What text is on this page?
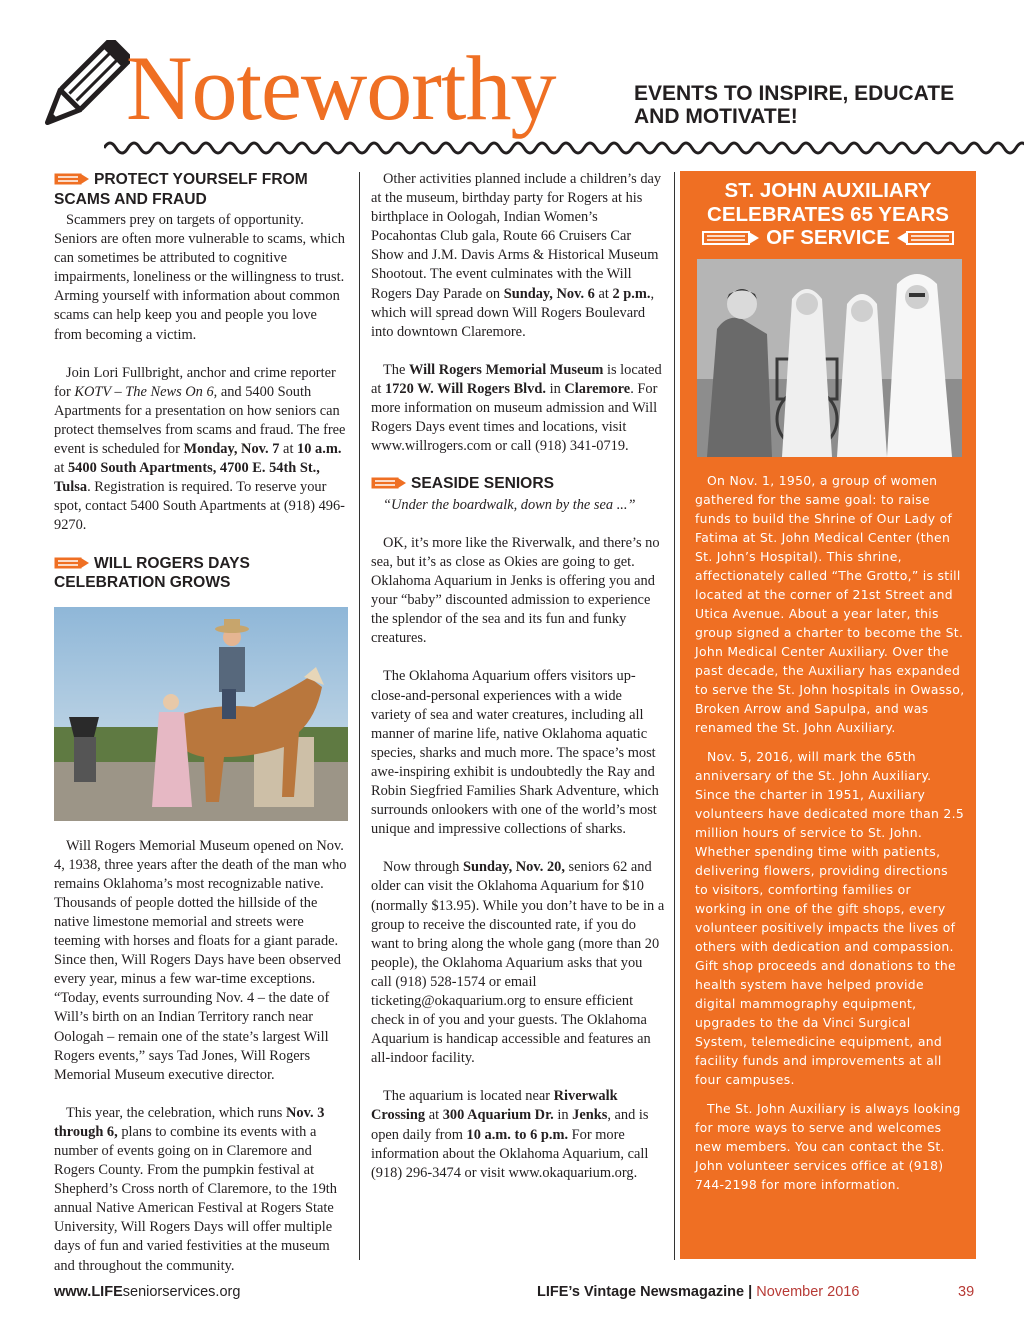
Noteworthy	EVENTS TO INSPIRE, EDUCATE
AND MOTIVATE!
PROTECT YOURSELF FROM
SCAMS AND FRAUD

Scammers prey on targets of opportunity. Seniors are often more vulnerable to scams, which can sometimes be attributed to cognitive impairments, loneliness or the willingness to trust. Arming yourself with information about common scams can help keep you and people you love from becoming a victim.

Join Lori Fullbright, anchor and crime reporter for KOTV – The News On 6, and 5400 South Apartments for a presentation on how seniors can protect themselves from scams and fraud. The free event is scheduled for Monday, Nov. 7 at 10 a.m. at 5400 South Apartments, 4700 E. 54th St., Tulsa. Registration is required. To reserve your spot, contact 5400 South Apartments at (918) 496-9270.

WILL ROGERS DAYS
CELEBRATION GROWS

Will Rogers Memorial Museum opened on Nov. 4, 1938, three years after the death of the man who remains Oklahoma’s most recognizable native. Thousands of people dotted the hillside of the native limestone memorial and streets were teeming with horses and floats for a giant parade. Since then, Will Rogers Days have been observed every year, minus a few war-time exceptions. “Today, events surrounding Nov. 4 – the date of Will’s birth on an Indian Territory ranch near Oologah – remain one of the state’s largest Will Rogers events,” says Tad Jones, Will Rogers Memorial Museum executive director.

This year, the celebration, which runs Nov. 3 through 6, plans to combine its events with a number of events going on in Claremore and Rogers County. From the pumpkin festival at Shepherd’s Cross north of Claremore, to the 19th annual Native American Festival at Rogers State University, Will Rogers Days will offer multiple days of fun and varied festivities at the museum and throughout the community.

Other activities planned include a children’s day at the museum, birthday party for Rogers at his birthplace in Oologah, Indian Women’s Pocahontas Club gala, Route 66 Cruisers Car Show and J.M. Davis Arms & Historical Museum Shootout. The event culminates with the Will Rogers Day Parade on Sunday, Nov. 6 at 2 p.m., which will spread down Will Rogers Boulevard into downtown Claremore.

The Will Rogers Memorial Museum is located at 1720 W. Will Rogers Blvd. in Claremore. For more information on museum admission and Will Rogers Days event times and locations, visit www.willrogers.com or call (918) 341-0719.

SEASIDE SENIORS
“Under the boardwalk, down by the sea ...”

OK, it’s more like the Riverwalk, and there’s no sea, but it’s as close as Okies are going to get. Oklahoma Aquarium in Jenks is offering you and your “baby” discounted admission to experience the splendor of the sea and its fun and funky creatures.

The Oklahoma Aquarium offers visitors up-close-and-personal experiences with a wide variety of sea and water creatures, including all manner of marine life, native Oklahoma aquatic species, sharks and much more. The space’s most awe-inspiring exhibit is undoubtedly the Ray and Robin Siegfried Families Shark Adventure, which surrounds onlookers with one of the world’s most unique and impressive collections of sharks.

Now through Sunday, Nov. 20, seniors 62 and older can visit the Oklahoma Aquarium for $10 (normally $13.95). While you don’t have to be in a group to receive the discounted rate, if you do want to bring along the whole gang (more than 20 people), the Oklahoma Aquarium asks that you call (918) 528-1574 or email ticketing@okaquarium.org to ensure efficient check in of you and your guests. The Oklahoma Aquarium is handicap accessible and features an all-indoor facility.

The aquarium is located near Riverwalk Crossing at 300 Aquarium Dr. in Jenks, and is open daily from 10 a.m. to 6 p.m. For more information about the Oklahoma Aquarium, call (918) 296-3474 or visit www.okaquarium.org.

ST. JOHN AUXILIARY
CELEBRATES 65 YEARS
OF SERVICE

On Nov. 1, 1950, a group of women gathered for the same goal: to raise funds to build the Shrine of Our Lady of Fatima at St. John Medical Center (then St. John’s Hospital). This shrine, affectionately called “The Grotto,” is still located at the corner of 21st Street and Utica Avenue. About a year later, this group signed a charter to become the St. John Medical Center Auxiliary. Over the past decade, the Auxiliary has expanded to serve the St. John hospitals in Owasso, Broken Arrow and Sapulpa, and was renamed the St. John Auxiliary.

Nov. 5, 2016, will mark the 65th anniversary of the St. John Auxiliary. Since the charter in 1951, Auxiliary volunteers have dedicated more than 2.5 million hours of service to St. John. Whether spending time with patients, delivering flowers, providing directions to visitors, comforting families or working in one of the gift shops, every volunteer positively impacts the lives of others with dedication and compassion. Gift shop proceeds and donations to the health system have helped provide digital mammography equipment, upgrades to the da Vinci Surgical System, telemedicine equipment, and facility funds and improvements at all four campuses.

The St. John Auxiliary is always looking for more ways to serve and welcomes new members. You can contact the St. John volunteer services office at (918) 744-2198 for more information.

www.LIFEseniorservices.org	LIFE’s Vintage Newsmagazine | November 2016	39
